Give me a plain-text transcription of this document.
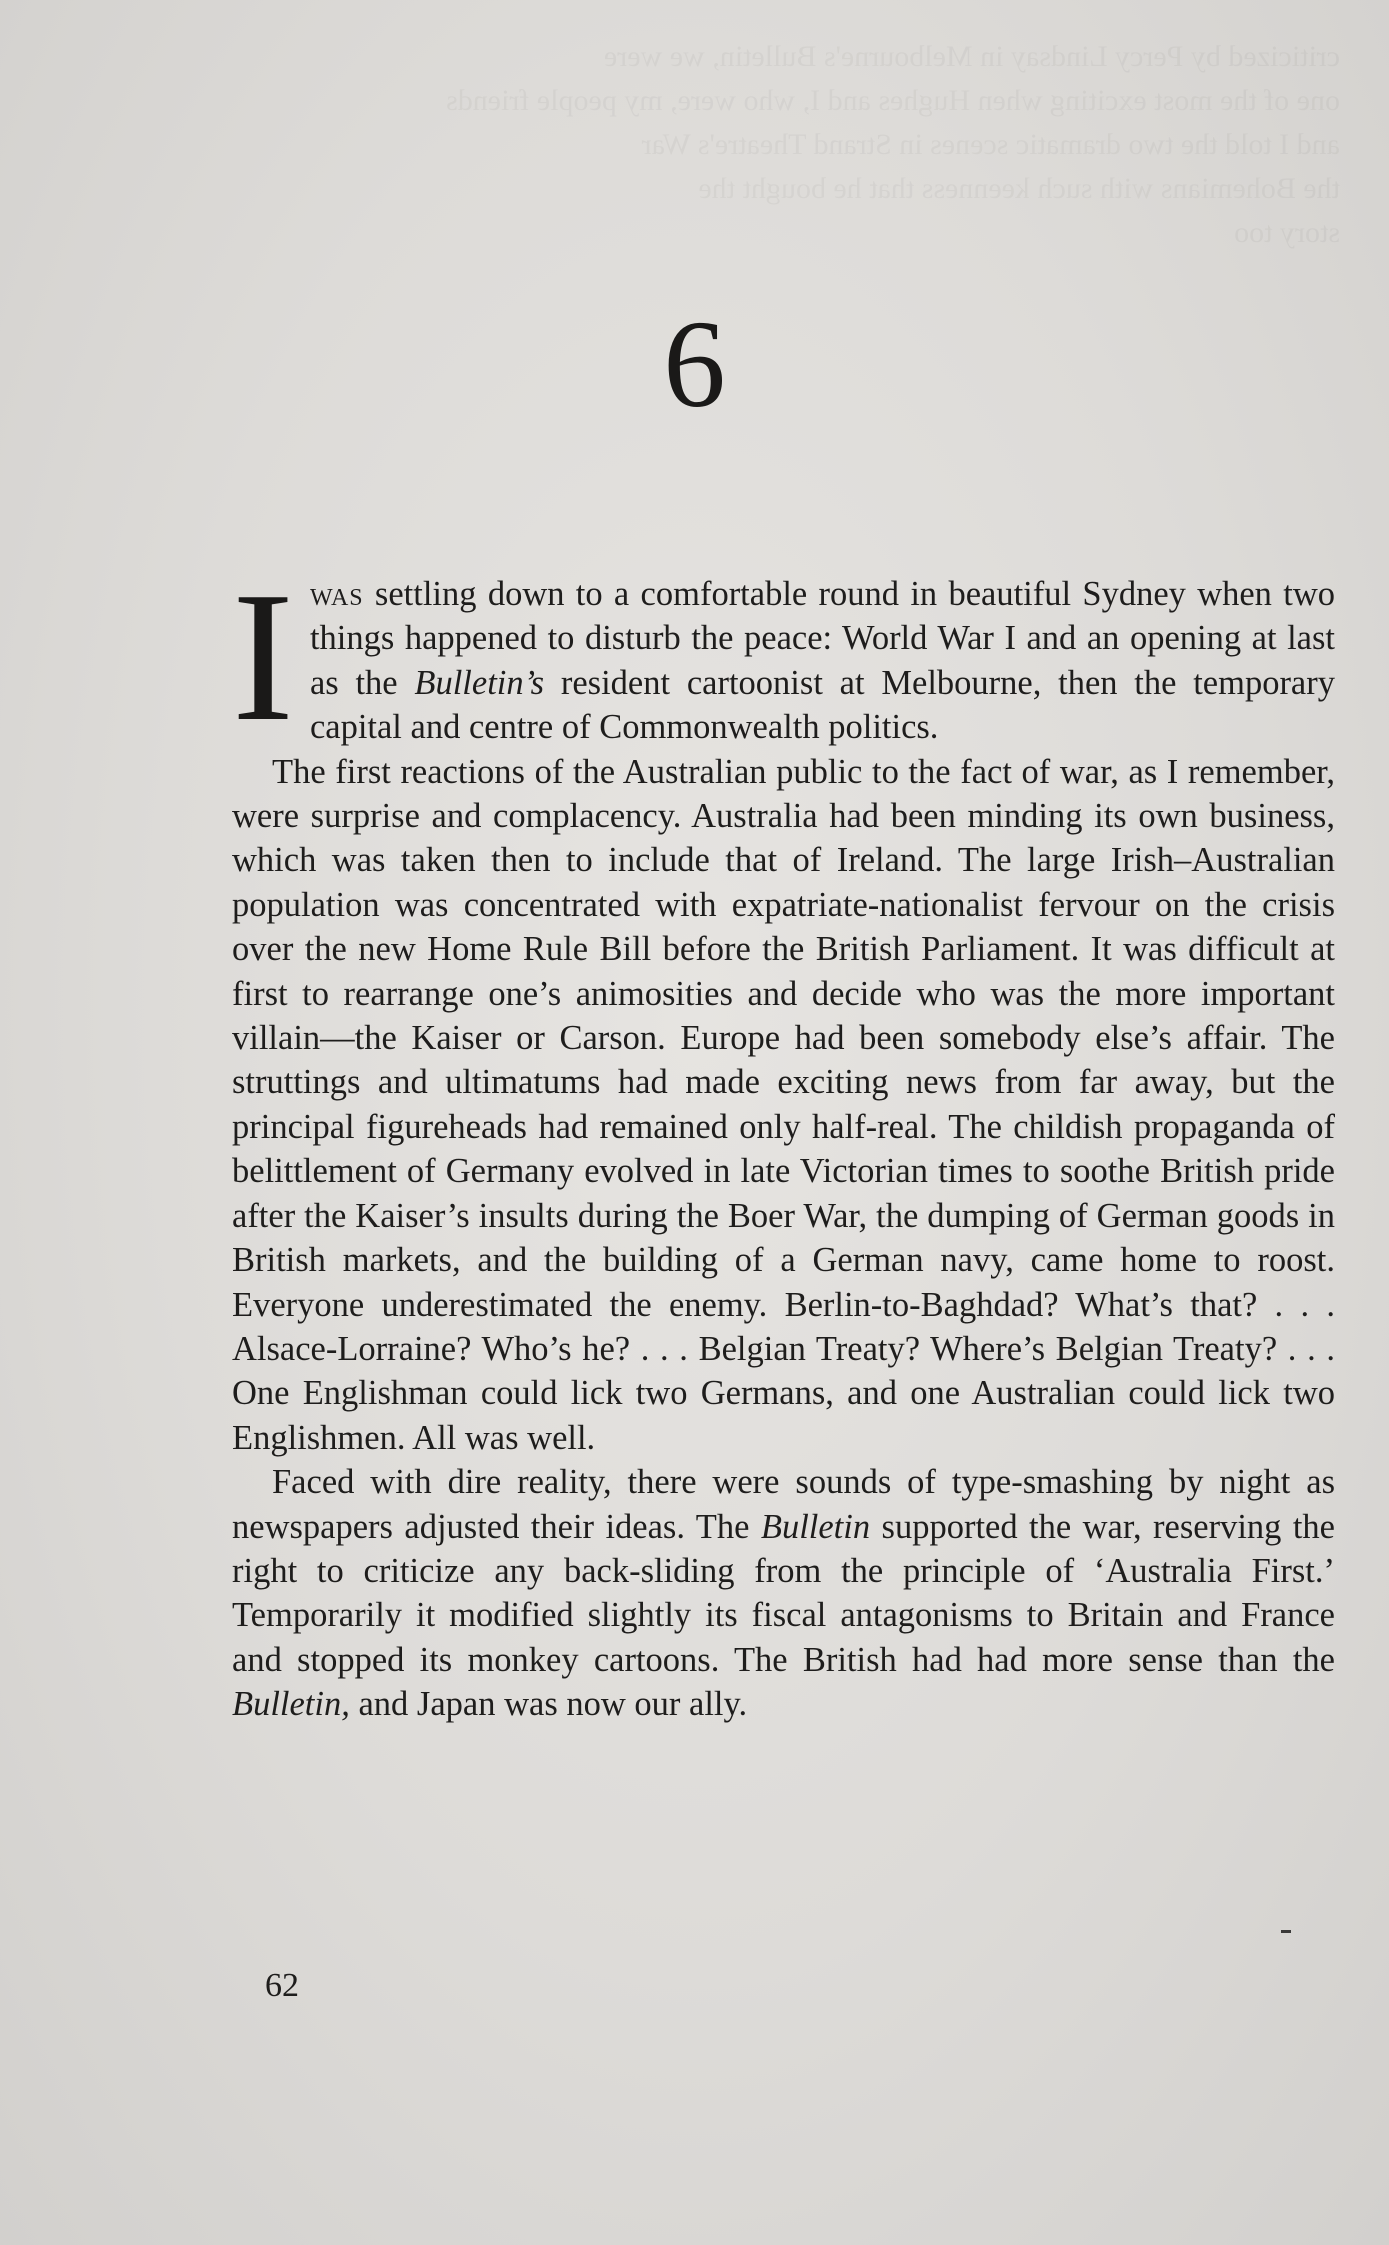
6

Iwas settling down to a comfortable round in beautiful Sydney when two things happened to disturb the peace: World War I and an opening at last as the Bulletin’s resident cartoonist at Melbourne, then the temporary capital and centre of Commonwealth politics.

The first reactions of the Australian public to the fact of war, as I remember, were surprise and complacency. Australia had been minding its own business, which was taken then to include that of Ireland. The large Irish–Australian population was concentrated with expatriate-nationalist fervour on the crisis over the new Home Rule Bill before the British Parliament. It was difficult at first to rearrange one’s animosities and decide who was the more important villain—the Kaiser or Carson. Europe had been somebody else’s affair. The struttings and ultimatums had made exciting news from far away, but the principal figureheads had remained only half-real. The childish propaganda of belittlement of Germany evolved in late Victorian times to soothe British pride after the Kaiser’s insults during the Boer War, the dumping of German goods in British markets, and the building of a German navy, came home to roost. Everyone underestimated the enemy. Berlin-to-Baghdad? What’s that? . . . Alsace-Lorraine? Who’s he? . . . Belgian Treaty? Where’s Belgian Treaty? . . . One Englishman could lick two Germans, and one Australian could lick two Englishmen. All was well.

Faced with dire reality, there were sounds of type-smashing by night as newspapers adjusted their ideas. The Bulletin supported the war, reserving the right to criticize any back-sliding from the principle of ‘Australia First.’ Temporarily it modified slightly its fiscal antagonisms to Britain and France and stopped its monkey cartoons. The British had had more sense than the Bulletin, and Japan was now our ally.

62
